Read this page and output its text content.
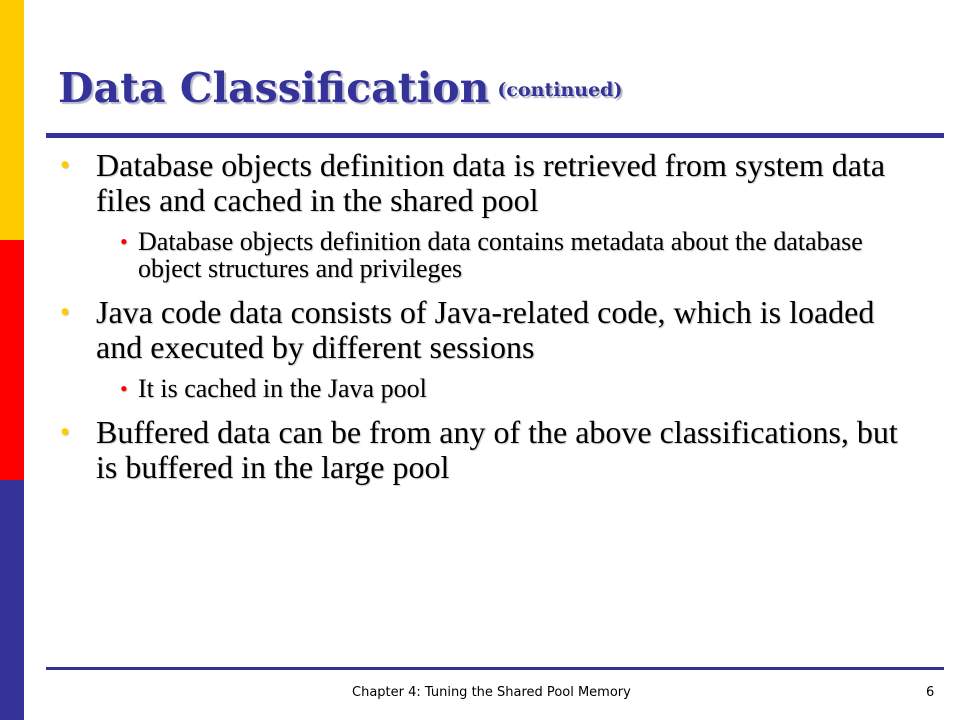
Data Classification (continued)
• Database objects definition data is retrieved from system data files and cached in the shared pool
• Database objects definition data contains metadata about the database object structures and privileges
• Java code data consists of Java-related code, which is loaded and executed by different sessions
• It is cached in the Java pool
• Buffered data can be from any of the above classifications, but is buffered in the large pool
Chapter 4: Tuning the Shared Pool Memory	6
